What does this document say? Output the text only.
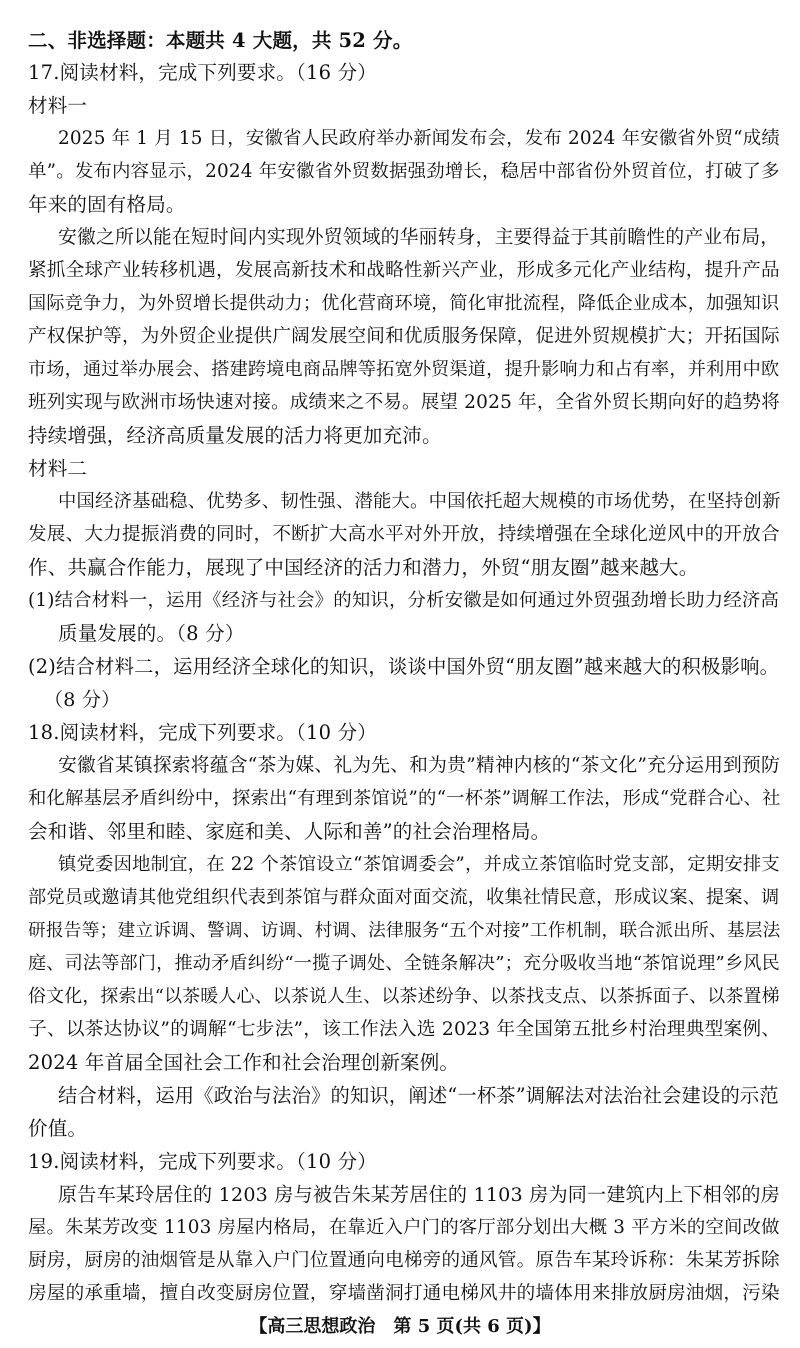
二、非选择题：本题共 4 大题，共 52 分。
17.阅读材料，完成下列要求。（16 分）
材料一
2025 年 1 月 15 日，安徽省人民政府举办新闻发布会，发布 2024 年安徽省外贸“成绩
单”。发布内容显示，2024 年安徽省外贸数据强劲增长，稳居中部省份外贸首位，打破了多
年来的固有格局。
安徽之所以能在短时间内实现外贸领域的华丽转身，主要得益于其前瞻性的产业布局，
紧抓全球产业转移机遇，发展高新技术和战略性新兴产业，形成多元化产业结构，提升产品
国际竞争力，为外贸增长提供动力；优化营商环境，简化审批流程，降低企业成本，加强知识
产权保护等，为外贸企业提供广阔发展空间和优质服务保障，促进外贸规模扩大；开拓国际
市场，通过举办展会、搭建跨境电商品牌等拓宽外贸渠道，提升影响力和占有率，并利用中欧
班列实现与欧洲市场快速对接。成绩来之不易。展望 2025 年，全省外贸长期向好的趋势将
持续增强，经济高质量发展的活力将更加充沛。
材料二
中国经济基础稳、优势多、韧性强、潜能大。中国依托超大规模的市场优势，在坚持创新
发展、大力提振消费的同时，不断扩大高水平对外开放，持续增强在全球化逆风中的开放合
作、共赢合作能力，展现了中国经济的活力和潜力，外贸“朋友圈”越来越大。
(1)结合材料一，运用《经济与社会》的知识，分析安徽是如何通过外贸强劲增长助力经济高
质量发展的。（8 分）
(2)结合材料二，运用经济全球化的知识，谈谈中国外贸“朋友圈”越来越大的积极影响。
（8 分）
18.阅读材料，完成下列要求。（10 分）
安徽省某镇探索将蕴含“茶为媒、礼为先、和为贵”精神内核的“茶文化”充分运用到预防
和化解基层矛盾纠纷中，探索出“有理到茶馆说”的“一杯茶”调解工作法，形成“党群合心、社
会和谐、邻里和睦、家庭和美、人际和善”的社会治理格局。
镇党委因地制宜，在 22 个茶馆设立“茶馆调委会”，并成立茶馆临时党支部，定期安排支
部党员或邀请其他党组织代表到茶馆与群众面对面交流，收集社情民意，形成议案、提案、调
研报告等；建立诉调、警调、访调、村调、法律服务“五个对接”工作机制，联合派出所、基层法
庭、司法等部门，推动矛盾纠纷“一揽子调处、全链条解决”；充分吸收当地“茶馆说理”乡风民
俗文化，探索出“以茶暖人心、以茶说人生、以茶述纷争、以茶找支点、以茶拆面子、以茶置梯
子、以茶达协议”的调解“七步法”，该工作法入选 2023 年全国第五批乡村治理典型案例、
2024 年首届全国社会工作和社会治理创新案例。
结合材料，运用《政治与法治》的知识，阐述“一杯茶”调解法对法治社会建设的示范
价值。
19.阅读材料，完成下列要求。（10 分）
原告车某玲居住的 1203 房与被告朱某芳居住的 1103 房为同一建筑内上下相邻的房
屋。朱某芳改变 1103 房屋内格局，在靠近入户门的客厅部分划出大概 3 平方米的空间改做
厨房，厨房的油烟管是从靠入户门位置通向电梯旁的通风管。原告车某玲诉称：朱某芳拆除
房屋的承重墙，擅自改变厨房位置，穿墙凿洞打通电梯风井的墙体用来排放厨房油烟，污染
【高三思想政治　第 5 页(共 6 页)】
